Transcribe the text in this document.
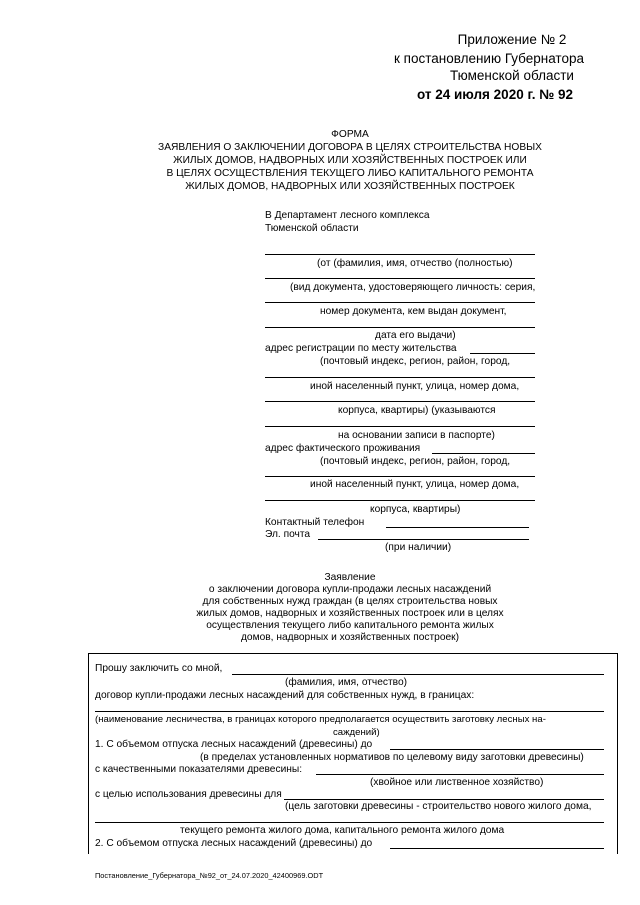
Приложение № 2
к постановлению Губернатора
Тюменской области
от 24 июля 2020 г. № 92
ФОРМА
ЗАЯВЛЕНИЯ О ЗАКЛЮЧЕНИИ ДОГОВОРА В ЦЕЛЯХ СТРОИТЕЛЬСТВА НОВЫХ
ЖИЛЫХ ДОМОВ, НАДВОРНЫХ ИЛИ ХОЗЯЙСТВЕННЫХ ПОСТРОЕК ИЛИ
В ЦЕЛЯХ ОСУЩЕСТВЛЕНИЯ ТЕКУЩЕГО ЛИБО КАПИТАЛЬНОГО РЕМОНТА
ЖИЛЫХ ДОМОВ, НАДВОРНЫХ ИЛИ ХОЗЯЙСТВЕННЫХ ПОСТРОЕК
В Департамент лесного комплекса
Тюменской области
(от (фамилия, имя, отчество (полностью)
(вид документа, удостоверяющего личность: серия,
номер документа, кем выдан документ,
дата его выдачи)
адрес регистрации по месту жительства
(почтовый индекс, регион, район, город,
иной населенный пункт, улица, номер дома,
корпуса, квартиры) (указываются
на основании записи в паспорте)
адрес фактического проживания
(почтовый индекс, регион, район, город,
иной населенный пункт, улица, номер дома,
корпуса, квартиры)
Контактный телефон
Эл. почта
(при наличии)
Заявление
о заключении договора купли-продажи лесных насаждений
для собственных нужд граждан (в целях строительства новых
жилых домов, надворных и хозяйственных построек или в целях
осуществления текущего либо капитального ремонта жилых
домов, надворных и хозяйственных построек)
Прошу заключить со мной,
(фамилия, имя, отчество)
договор купли-продажи лесных насаждений для собственных нужд, в границах:
(наименование лесничества, в границах которого предполагается осуществить заготовку лесных на-
саждений)
1. С объемом отпуска лесных насаждений (древесины) до
(в пределах установленных нормативов по целевому виду заготовки древесины)
с качественными показателями древесины:
(хвойное или лиственное хозяйство)
с целью использования древесины для
(цель заготовки древесины - строительство нового жилого дома,
текущего ремонта жилого дома, капитального ремонта жилого дома
2. С объемом отпуска лесных насаждений (древесины) до
Постановление_Губернатора_№92_от_24.07.2020_42400969.ODT
